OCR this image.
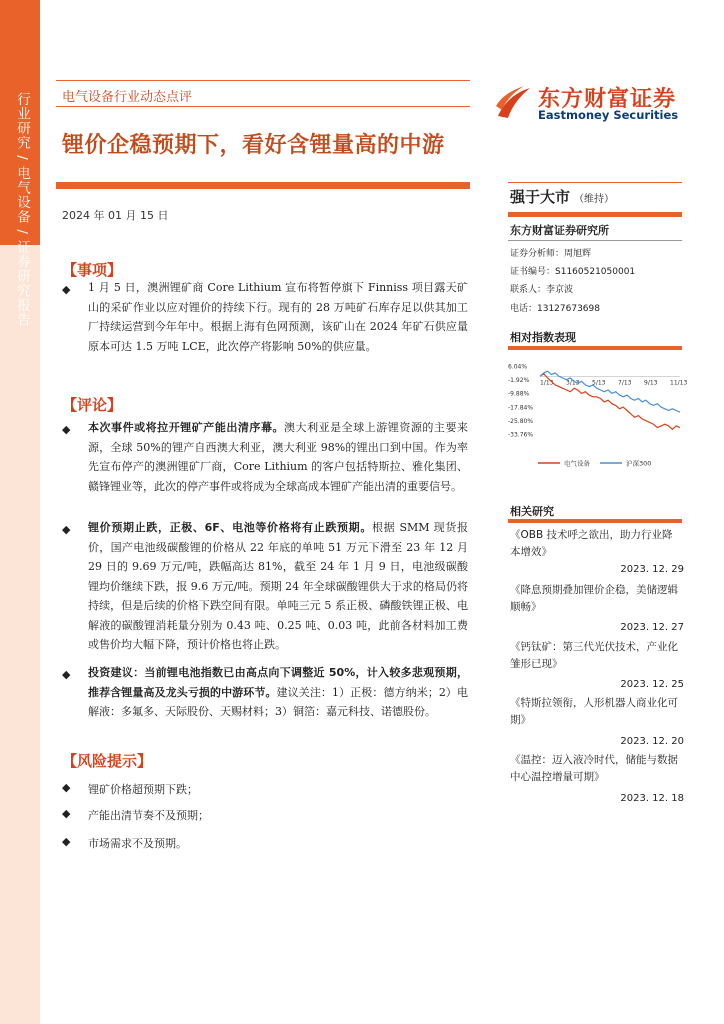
行业研究 / 电气设备 / 证券研究报告 电气设备行业动态点评
锂价企稳预期下，看好含锂量高的中游
2024 年 01 月 15 日
东方财富证券
Eastmoney Securities
【事项】
◆ 1 月 5 日，澳洲锂矿商 Core Lithium 宣布将暂停旗下 Finniss 项目露天矿山的采矿作业以应对锂价的持续下行。现有的 28 万吨矿石库存足以供其加工厂持续运营到今年年中。根据上海有色网预测，该矿山在 2024 年矿石供应量原本可达 1.5 万吨 LCE，此次停产将影响 50%的供应量。
【评论】
◆ 本次事件或将拉开锂矿产能出清序幕。澳大利亚是全球上游锂资源的主要来源，全球 50%的锂产自西澳大利亚，澳大利亚 98%的锂出口到中国。作为率先宣布停产的澳洲锂矿厂商，Core Lithium 的客户包括特斯拉、雅化集团、赣锋锂业等，此次的停产事件或将成为全球高成本锂矿产能出清的重要信号。
◆ 锂价预期止跌，正极、6F、电池等价格将有止跌预期。根据 SMM 现货报价，国产电池级碳酸锂的价格从 22 年底的单吨 51 万元下滑至 23 年 12 月 29 日的 9.69 万元/吨，跌幅高达 81%，截至 24 年 1 月 9 日，电池级碳酸锂均价继续下跌，报 9.6 万元/吨。预期 24 年全球碳酸锂供大于求的格局仍将持续，但是后续的价格下跌空间有限。单吨三元 5 系正极、磷酸铁锂正极、电解液的碳酸锂消耗量分别为 0.43 吨、0.25 吨、0.03 吨，此前各材料加工费或售价均大幅下降，预计价格也将止跌。
◆ 投资建议：当前锂电池指数已由高点向下调整近 50%，计入较多悲观预期，推荐含锂量高及龙头亏损的中游环节。建议关注：1）正极：德方纳米；2）电解液：多氟多、天际股份、天赐材料；3）铜箔：嘉元科技、诺德股份。
【风险提示】
◆ 锂矿价格超预期下跌；
◆ 产能出清节奏不及预期；
◆ 市场需求不及预期。
强于大市 （维持）
东方财富证券研究所
证券分析师：周旭辉
证书编号：S1160521050001
联系人：李京波
电话：13127673698
相对指数表现
6.04%
-1.92%
-9.88%
-17.84%
-25.80%
-33.76%
1/13 3/13 5/13 7/13 9/13 11/13
电气设备	沪深300
相关研究
《OBB 技术呼之欲出，助力行业降本增效》
2023. 12. 29
《降息预期叠加锂价企稳，美储逻辑顺畅》
2023. 12. 27
《钙钛矿：第三代光伏技术，产业化雏形已现》
2023. 12. 25
《特斯拉领衔，人形机器人商业化可期》
2023. 12. 20
《温控：迈入液冷时代，储能与数据中心温控增量可期》
2023. 12. 18
